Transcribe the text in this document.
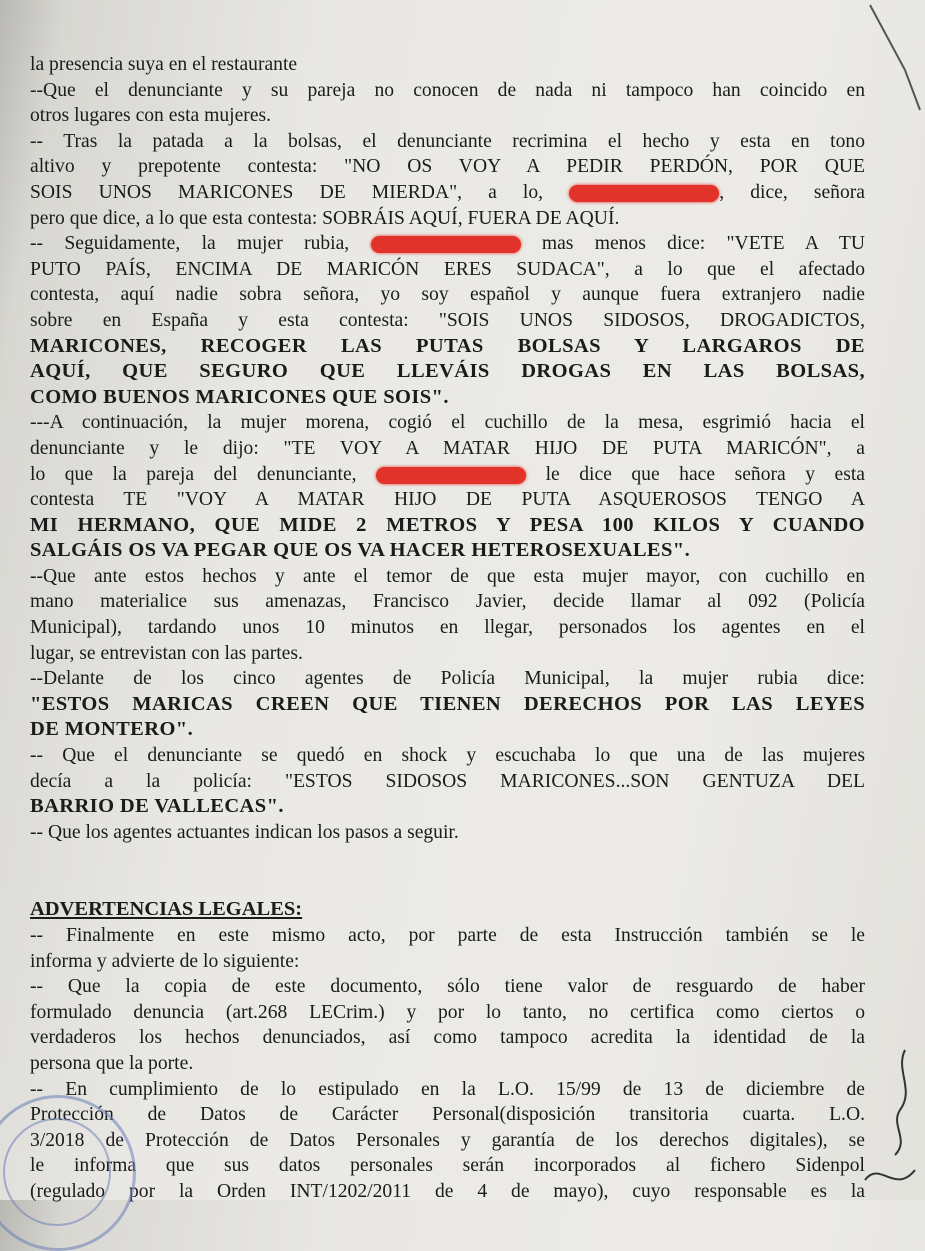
la presencia suya en el restaurante
--Que el denunciante y su pareja no conocen de nada ni tampoco han coincido en
otros lugares con esta mujeres.
-- Tras la patada a la bolsas, el denunciante recrimina el hecho y esta en tono
altivo y prepotente contesta: "NO OS VOY A PEDIR PERDÓN, POR QUE
SOIS UNOS MARICONES DE MIERDA", a lo,	, dice, señora
pero que dice, a lo que esta contesta: SOBRÁIS AQUÍ, FUERA DE AQUÍ.
-- Seguidamente, la mujer rubia,	mas menos dice: "VETE A TU
PUTO PAÍS, ENCIMA DE MARICÓN ERES SUDACA", a lo que el afectado
contesta, aquí nadie sobra señora, yo soy español y aunque fuera extranjero nadie
sobre en España y esta contesta: "SOIS UNOS SIDOSOS, DROGADICTOS,
MARICONES, RECOGER LAS PUTAS BOLSAS Y LARGAROS DE
AQUÍ, QUE SEGURO QUE LLEVÁIS DROGAS EN LAS BOLSAS,
COMO BUENOS MARICONES QUE SOIS".
---A continuación, la mujer morena, cogió el cuchillo de la mesa, esgrimió hacia el
denunciante y le dijo: "TE VOY A MATAR HIJO DE PUTA MARICÓN", a
lo que la pareja del denunciante,	le dice que hace señora y esta
contesta TE "VOY A MATAR HIJO DE PUTA ASQUEROSOS TENGO A
MI HERMANO, QUE MIDE 2 METROS Y PESA 100 KILOS Y CUANDO
SALGÁIS OS VA PEGAR QUE OS VA HACER HETEROSEXUALES".
--Que ante estos hechos y ante el temor de que esta mujer mayor, con cuchillo en
mano materialice sus amenazas, Francisco Javier, decide llamar al 092 (Policía
Municipal), tardando unos 10 minutos en llegar, personados los agentes en el
lugar, se entrevistan con las partes.
--Delante de los cinco agentes de Policía Municipal, la mujer rubia dice:
"ESTOS MARICAS CREEN QUE TIENEN DERECHOS POR LAS LEYES
DE MONTERO".
-- Que el denunciante se quedó en shock y escuchaba lo que una de las mujeres
decía a la policía: "ESTOS SIDOSOS MARICONES...SON GENTUZA DEL
BARRIO DE VALLECAS".
-- Que los agentes actuantes indican los pasos a seguir.
ADVERTENCIAS LEGALES:
-- Finalmente en este mismo acto, por parte de esta Instrucción también se le
informa y advierte de lo siguiente:
-- Que la copia de este documento, sólo tiene valor de resguardo de haber
formulado denuncia (art.268 LECrim.) y por lo tanto, no certifica como ciertos o
verdaderos los hechos denunciados, así como tampoco acredita la identidad de la
persona que la porte.
-- En cumplimiento de lo estipulado en la L.O. 15/99 de 13 de diciembre de
Protección de Datos de Carácter Personal(disposición transitoria cuarta. L.O.
3/2018 de Protección de Datos Personales y garantía de los derechos digitales), se
le informa que sus datos personales serán incorporados al fichero Sidenpol
(regulado por la Orden INT/1202/2011 de 4 de mayo), cuyo responsable es la
